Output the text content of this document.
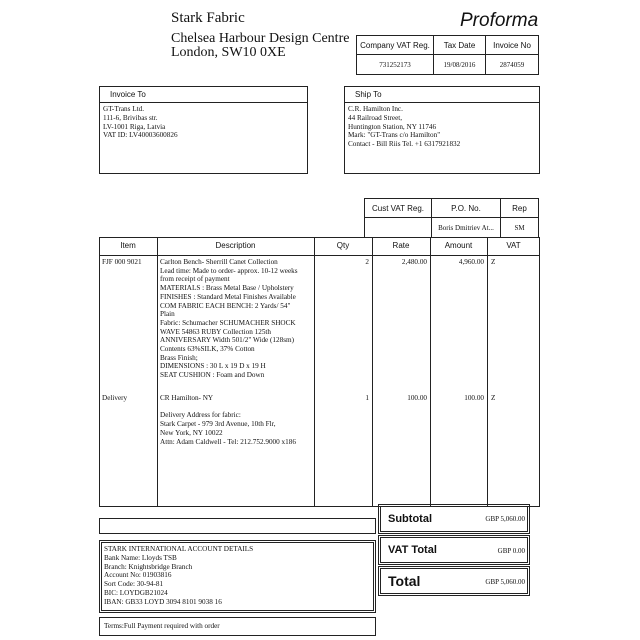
Stark Fabric
Chelsea Harbour Design Centre
London, SW10 0XE
Proforma
Company VAT Reg.	Tax Date	Invoice No
731252173	19/08/2016	2874059
Invoice To
GT-Trans Ltd.
111-6, Brivibas str.
LV-1001 Riga, Latvia
VAT ID: LV40003600826
Ship To
C.R. Hamilton Inc.
44 Railroad Street,
Huntington Station, NY 11746
Mark: "GT-Trans c/o Hamilton"
Contact - Bill Riis Tel. +1 6317921832
Cust VAT Reg.	P.O. No.	Rep
	Boris Dmitriev At...	SM
Item	Description	Qty	Rate	Amount	VAT
FJF 000 9021	Carlton Bench- Sherrill Canet Collection
Lead time: Made to order- approx. 10-12 weeks
from receipt of payment
MATERIALS : Brass Metal Base / Upholstery
FINISHES : Standard Metal Finishes Available
COM FABRIC EACH BENCH: 2 Yards/ 54"
Plain
Fabric: Schumacher SCHUMACHER SHOCK
WAVE 54863 RUBY Collection 125th
ANNIVERSARY Width 501/2" Wide (128sm)
Contents 63%SILK, 37% Cotton
Brass Finish;
DIMENSIONS : 30 L x 19 D x 19 H
SEAT CUSHION : Foam and Down
2	2,480.00	4,960.00 Z
Delivery	CR Hamilton- NY
Delivery Address for fabric:
Stark Carpet - 979 3rd Avenue, 10th Flr,
New York, NY 10022
Attn: Adam Caldwell - Tel: 212.752.9000 x186
1	100.00	100.00 Z
STARK INTERNATIONAL ACCOUNT DETAILS
Bank Name: Lloyds TSB
Branch: Knightsbridge Branch
Account No: 01903816
Sort Code: 30-94-81
BIC: LOYDGB21024
IBAN: GB33 LOYD 3094 8101 9038 16
Terms:Full Payment required with order
Subtotal	GBP 5,060.00
VAT Total	GBP 0.00
Total	GBP 5,060.00
